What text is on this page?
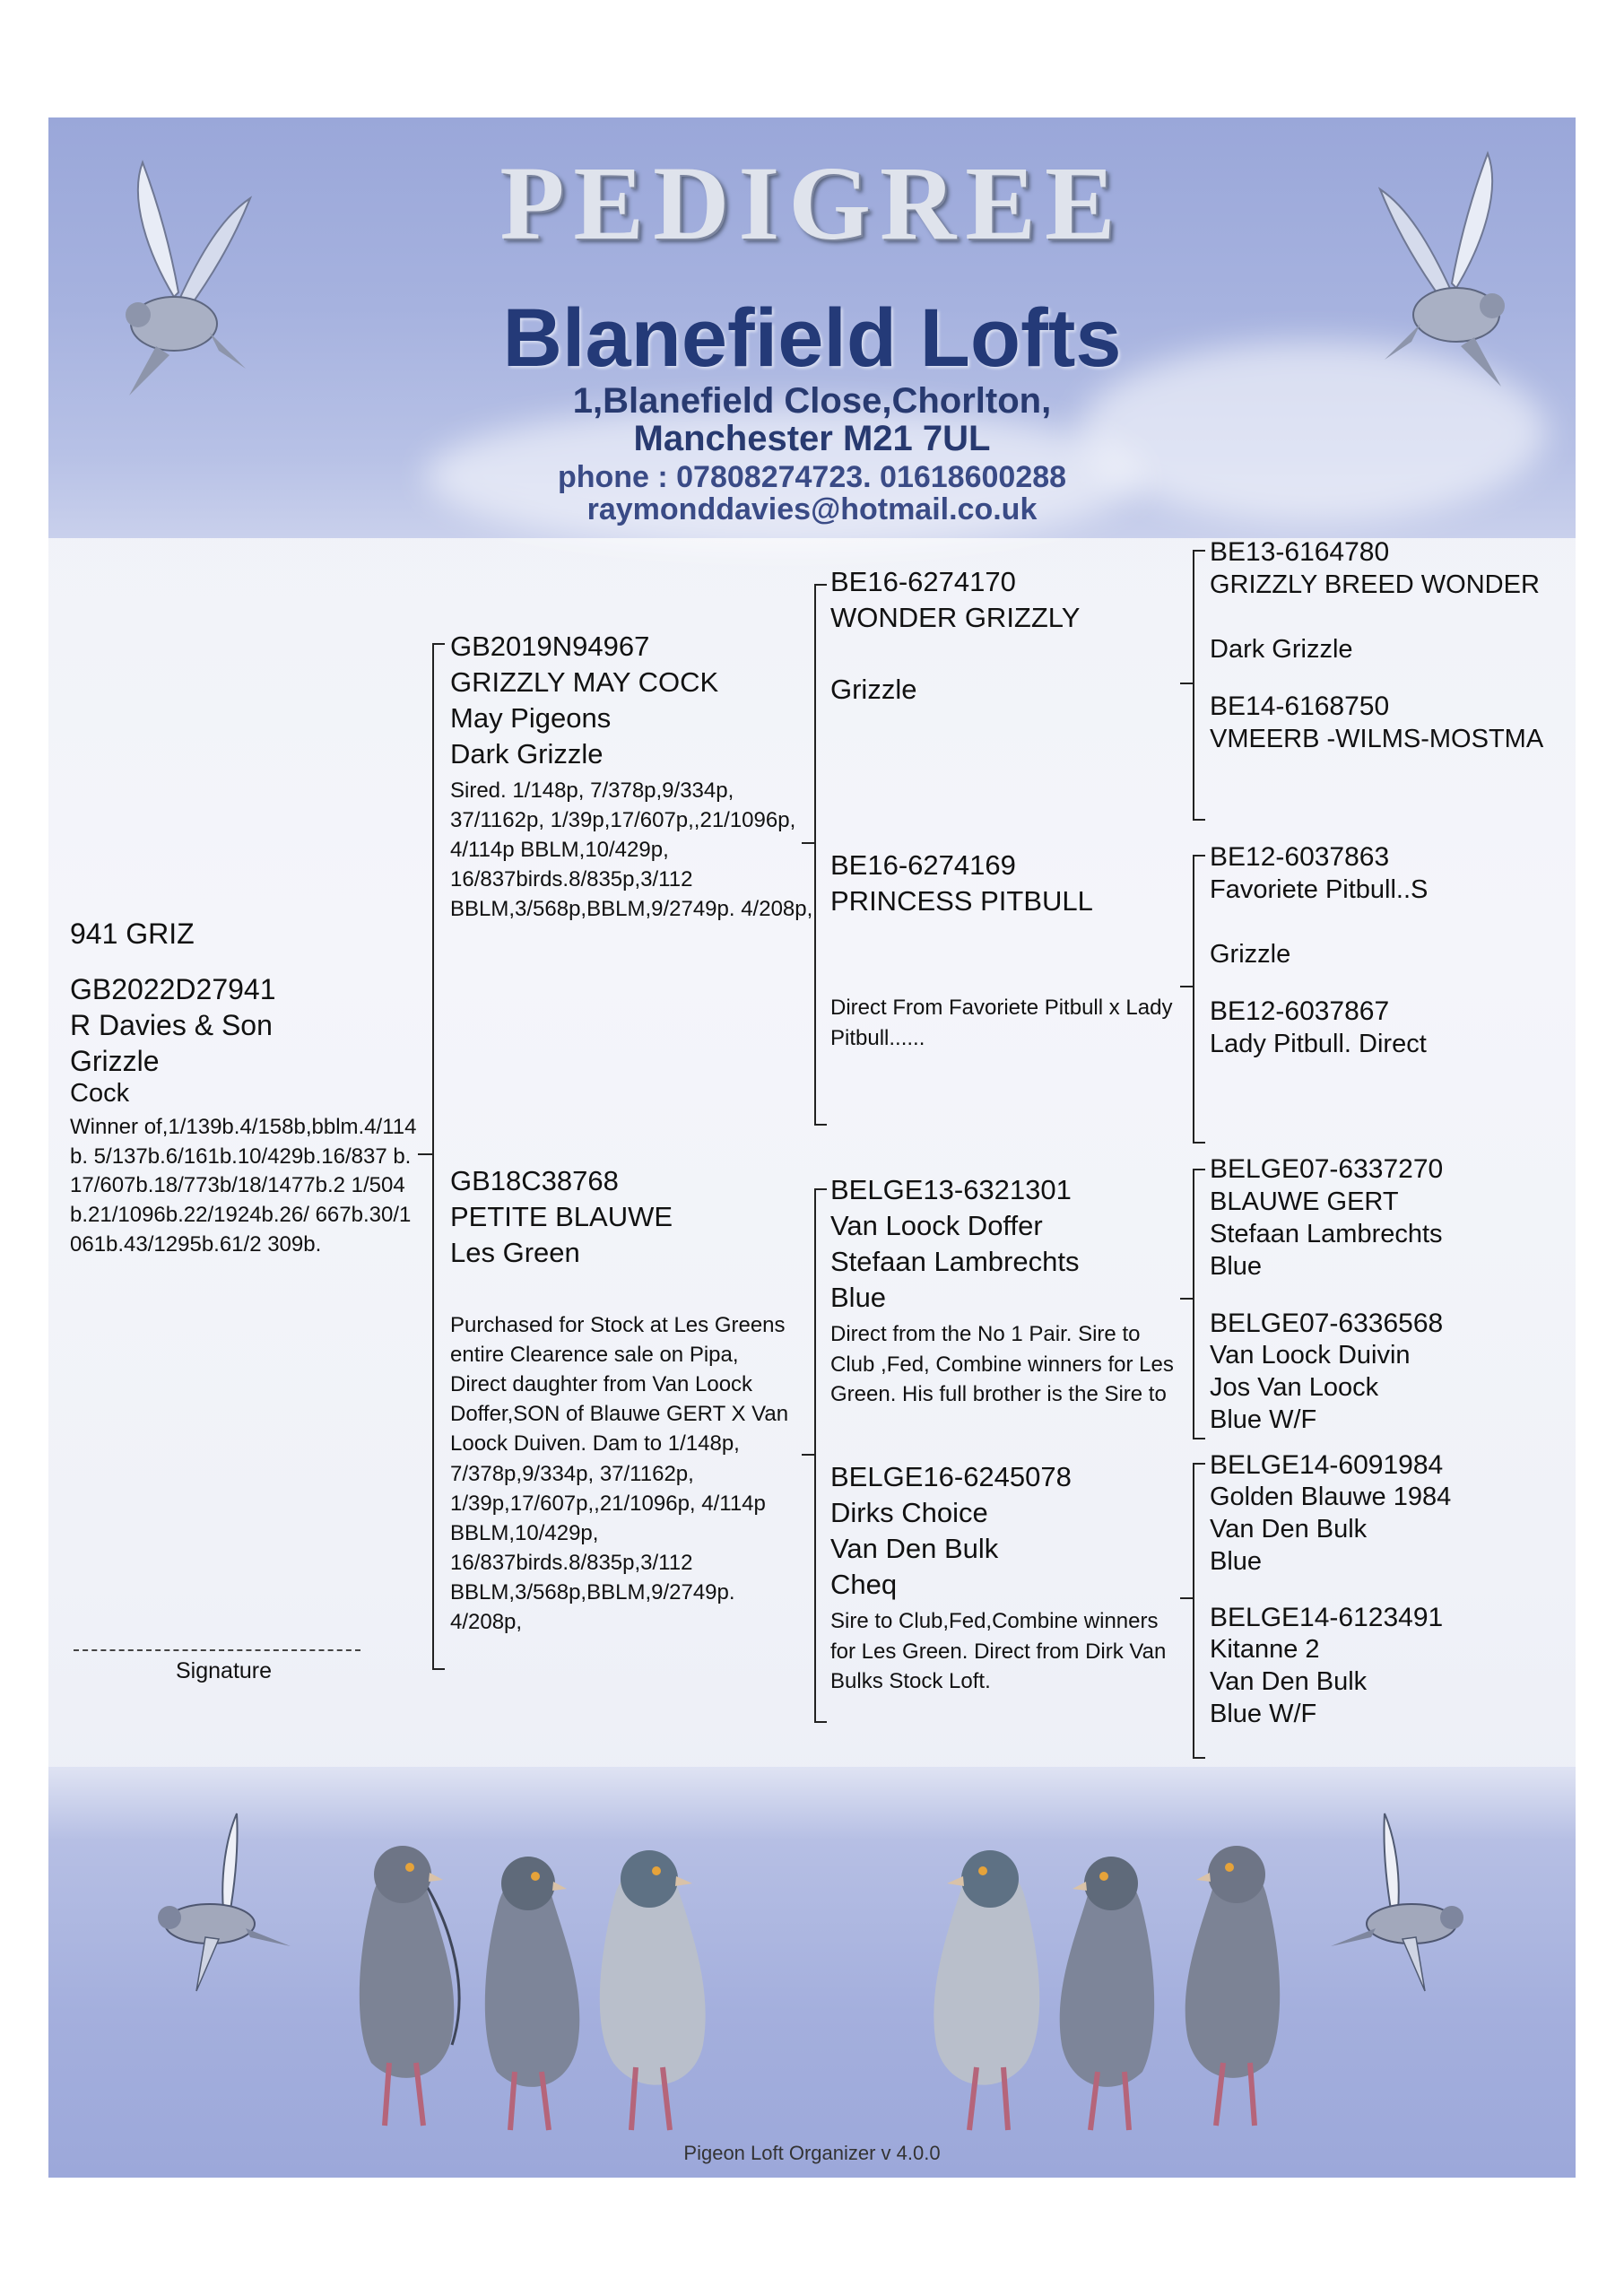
PEDIGREE
Blanefield Lofts
1,Blanefield Close,Chorlton,
Manchester M21 7UL
phone : 07808274723. 01618600288
raymonddavies@hotmail.co.uk
941 GRIZ
GB2022D27941
R Davies & Son
Grizzle
Cock
Winner of,1/139b.4/158b,bblm.4/114b. 5/137b.6/161b.10/429b.16/837 b.17/607b.18/773b/18/1477b.2 1/504b.21/1096b.22/1924b.26/ 667b.30/1061b.43/1295b.61/2 309b.
Signature
GB2019N94967
GRIZZLY MAY COCK
May Pigeons
Dark Grizzle
Sired. 1/148p, 7/378p,9/334p, 37/1162p, 1/39p,17/607p,,21/1096p, 4/114p BBLM,10/429p, 16/837birds.8/835p,3/112 BBLM,3/568p,BBLM,9/2749p. 4/208p,
GB18C38768
PETITE BLAUWE
Les Green
Purchased for Stock at Les Greens entire Clearence sale on Pipa, Direct daughter from Van Loock Doffer,SON of Blauwe GERT X Van Loock Duiven. Dam to 1/148p, 7/378p,9/334p, 37/1162p, 1/39p,17/607p,,21/1096p, 4/114p BBLM,10/429p, 16/837birds.8/835p,3/112 BBLM,3/568p,BBLM,9/2749p. 4/208p,
BE16-6274170
WONDER GRIZZLY
Grizzle
BE16-6274169
PRINCESS PITBULL
Direct From Favoriete Pitbull x Lady Pitbull......
BELGE13-6321301
Van Loock Doffer
Stefaan Lambrechts
Blue
Direct from the No 1 Pair. Sire to Club ,Fed, Combine winners for Les Green. His full brother is the Sire to
BELGE16-6245078
Dirks Choice
Van Den Bulk
Cheq
Sire to Club,Fed,Combine winners for Les Green. Direct from Dirk Van Bulks Stock Loft.
BE13-6164780
GRIZZLY BREED WONDER
Dark Grizzle
BE14-6168750
VMEERB -WILMS-MOSTMA
BE12-6037863
Favoriete Pitbull..S
Grizzle
BE12-6037867
Lady Pitbull. Direct
BELGE07-6337270
BLAUWE GERT
Stefaan Lambrechts
Blue
BELGE07-6336568
Van Loock Duivin
Jos Van Loock
Blue W/F
BELGE14-6091984
Golden Blauwe 1984
Van Den Bulk
Blue
BELGE14-6123491
Kitanne 2
Van Den Bulk
Blue W/F
Pigeon Loft Organizer v 4.0.0
